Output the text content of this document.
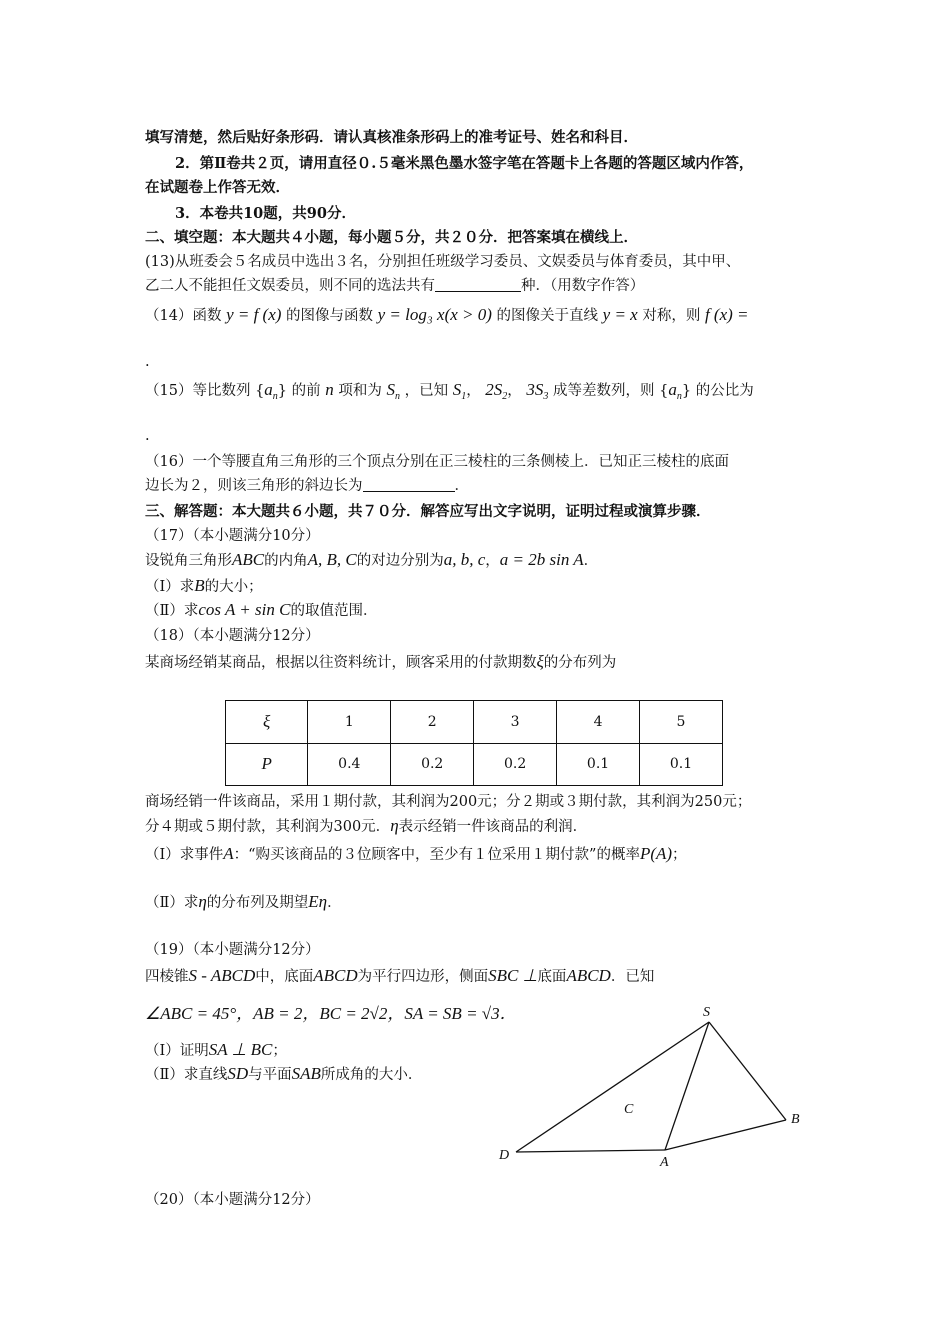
填写清楚，然后贴好条形码．请认真核准条形码上的准考证号、姓名和科目．
2．第Ⅱ卷共２页，请用直径０.５毫米黑色墨水签字笔在答题卡上各题的答题区域内作答，
在试题卷上作答无效．
3．本卷共10题，共90分．
二、填空题：本大题共４小题，每小题５分，共２０分．把答案填在横线上．
(13)从班委会５名成员中选出３名，分别担任班级学习委员、文娱委员与体育委员，其中甲、
乙二人不能担任文娱委员，则不同的选法共有	种．（用数字作答）
（14）函数 y = f (x) 的图像与函数 y = log₃ x(x > 0) 的图像关于直线 y = x 对称，则 f (x) =
.
（15）等比数列 $\{a_n\}$ 的前 n 项和为 $S_n$ ，已知 $S_1$， $2S_2$， $3S_3$ 成等差数列，则 $\{a_n\}$ 的公比为
.
（16）一个等腰直角三角形的三个顶点分别在正三棱柱的三条侧棱上．已知正三棱柱的底面
边长为２，则该三角形的斜边长为	．
三、解答题：本大题共６小题，共７０分．解答应写出文字说明，证明过程或演算步骤．
（17）（本小题满分10分）
设锐角三角形ABC的内角A, B, C的对边分别为a, b, c，a = 2b sin A．
（Ⅰ）求B的大小；
（Ⅱ）求cos A + sin C的取值范围．
（18）（本小题满分12分）
某商场经销某商品，根据以往资料统计，顾客采用的付款期数ξ的分布列为
ξ	1	2	3	4	5
P	0.4	0.2	0.2	0.1	0.1
商场经销一件该商品，采用１期付款，其利润为200元；分２期或３期付款，其利润为250元；
分４期或５期付款，其利润为300元．η表示经销一件该商品的利润．
（Ⅰ）求事件A：“购买该商品的３位顾客中，至少有１位采用１期付款”的概率P(A)；
（Ⅱ）求η的分布列及期望Eη．
（19）（本小题满分12分）
四棱锥S - ABCD中，底面ABCD为平行四边形，侧面SBC ⊥底面ABCD．已知
∠ABC = 45°，AB = 2，BC = 2√2，SA = SB = √3．
（Ⅰ）证明SA ⊥ BC；
（Ⅱ）求直线SD与平面SAB所成角的大小．
S
B
A
D
C
（20）（本小题满分12分）
